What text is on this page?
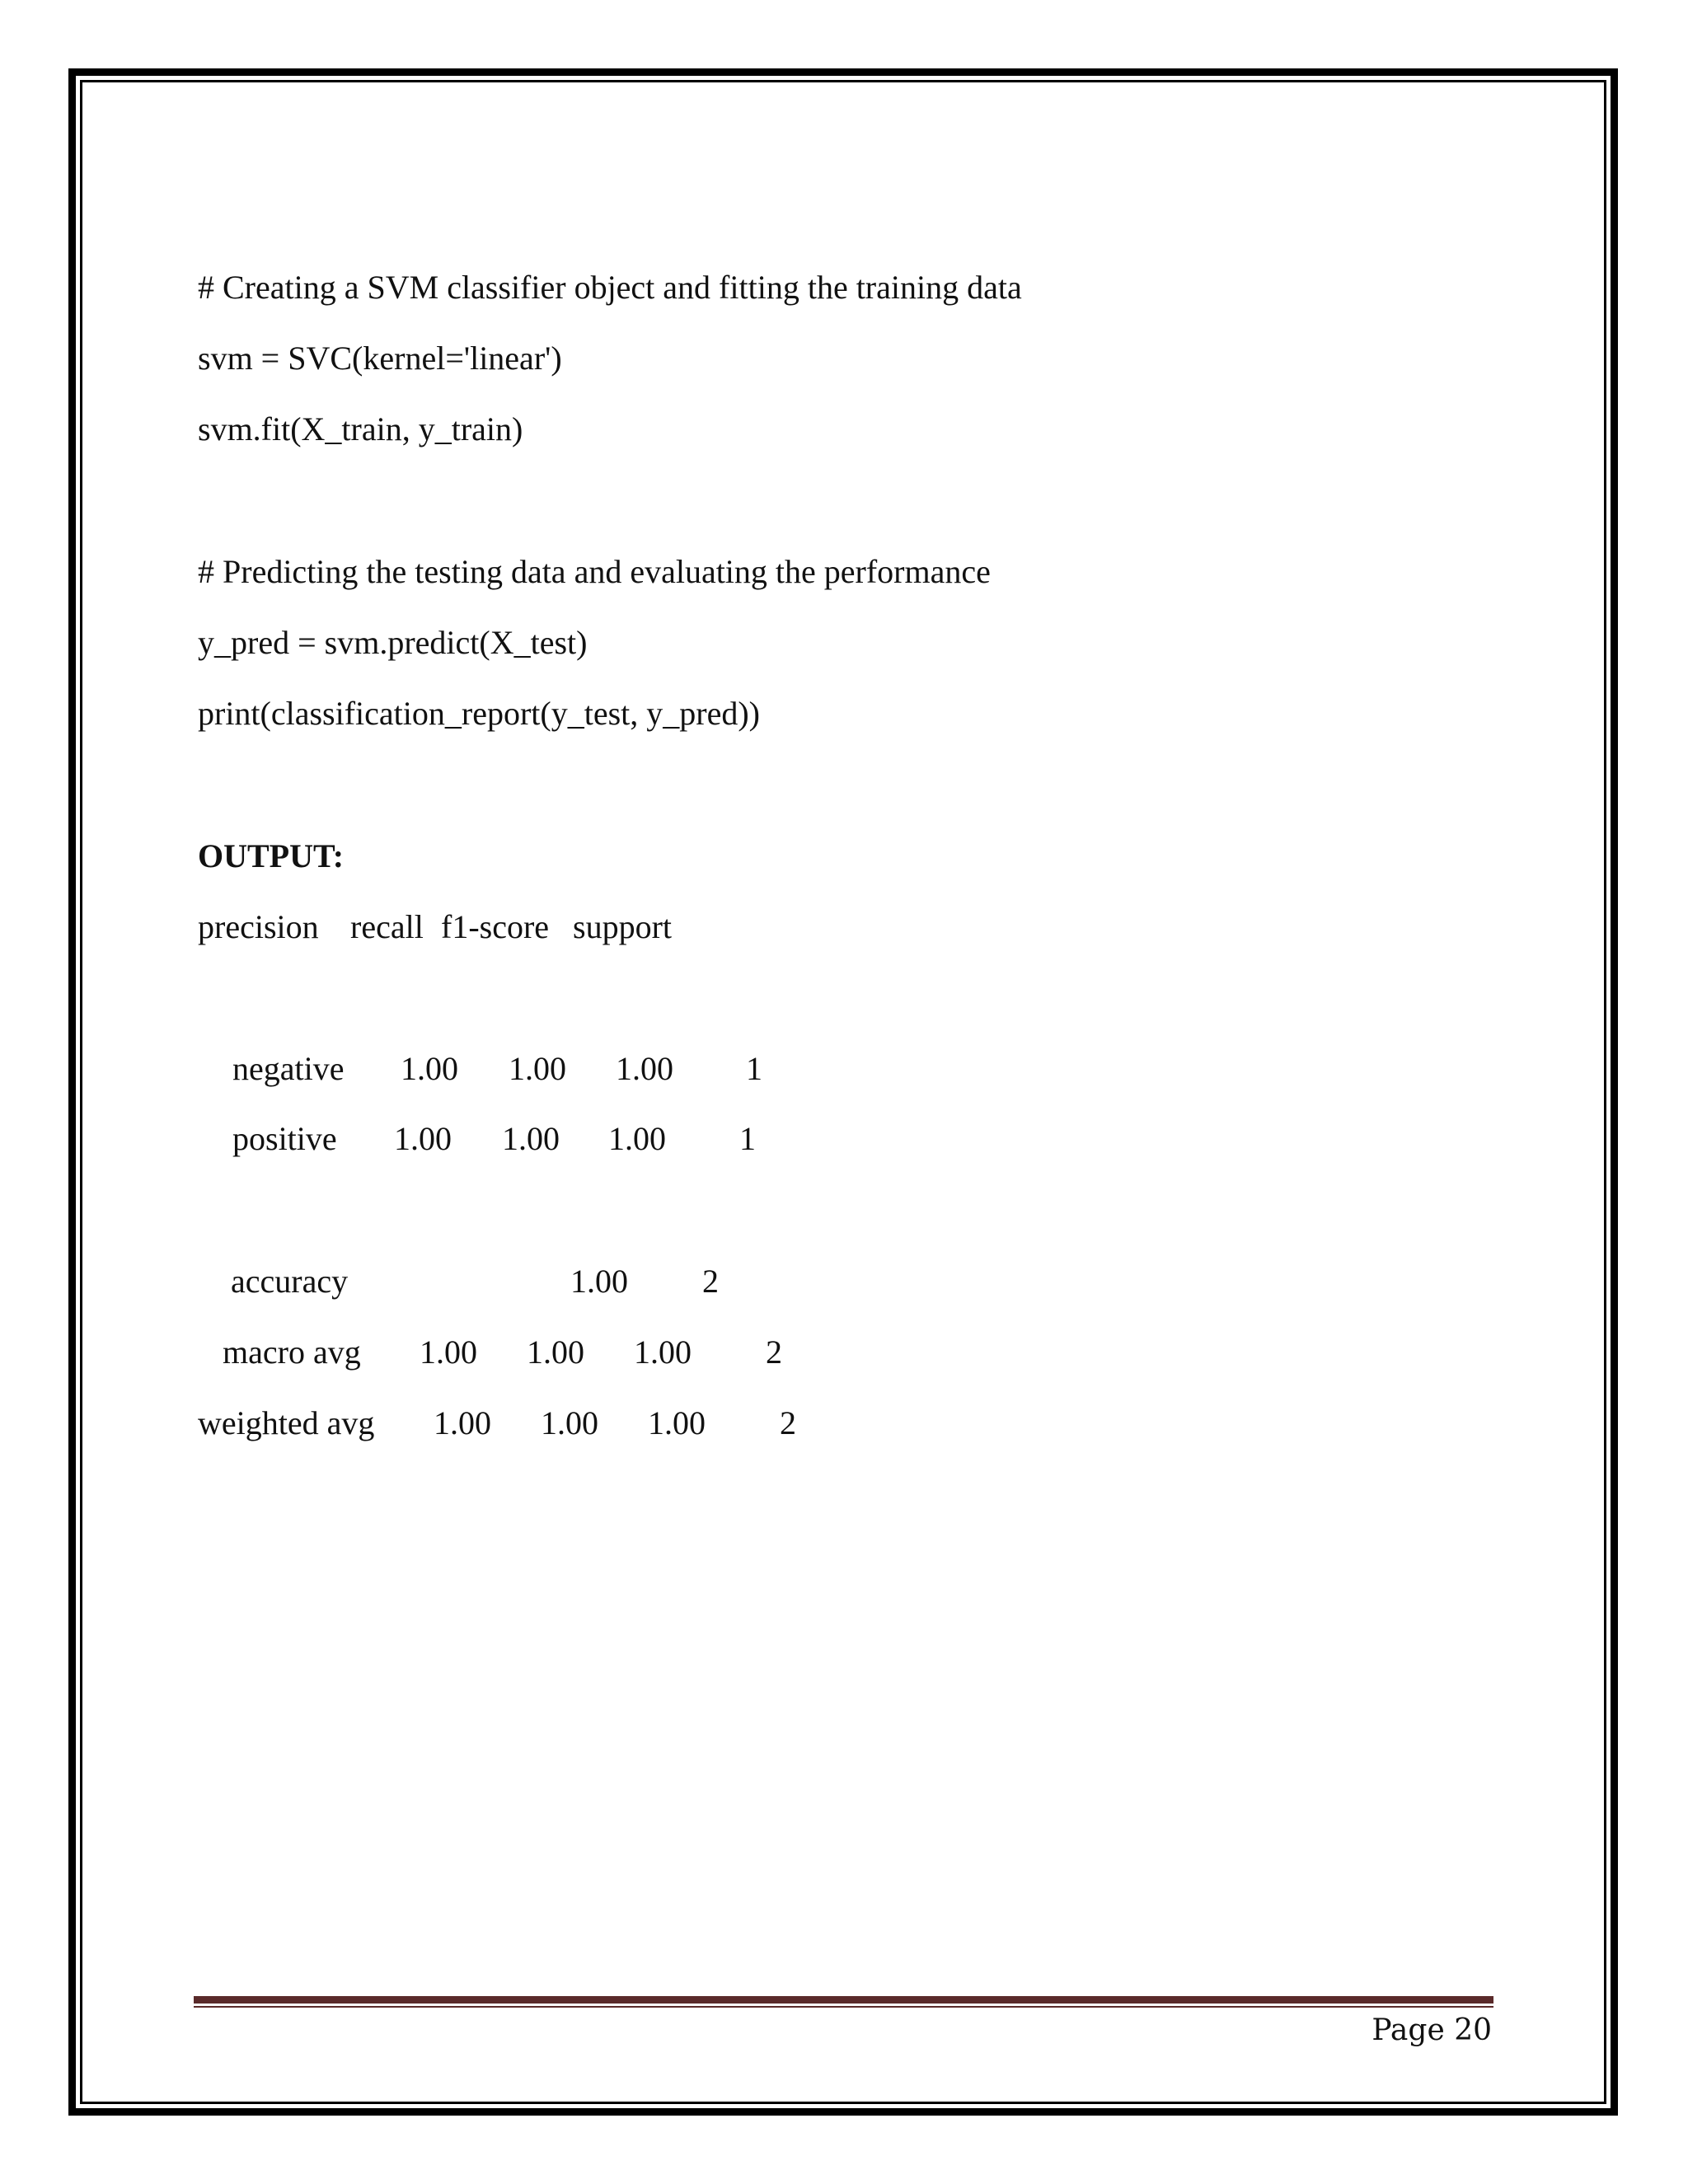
# Creating a SVM classifier object and fitting the training data
svm = SVC(kernel='linear')
svm.fit(X_train, y_train)
# Predicting the testing data and evaluating the performance
y_pred = svm.predict(X_test)
print(classification_report(y_test, y_pred))
OUTPUT:
precision recall f1-score support
negative 1.00 1.00 1.00 1
positive 1.00 1.00 1.00 1
accuracy	1.00 2
macro avg 1.00 1.00 1.00 2
weighted avg 1.00 1.00 1.00 2
Page 20
